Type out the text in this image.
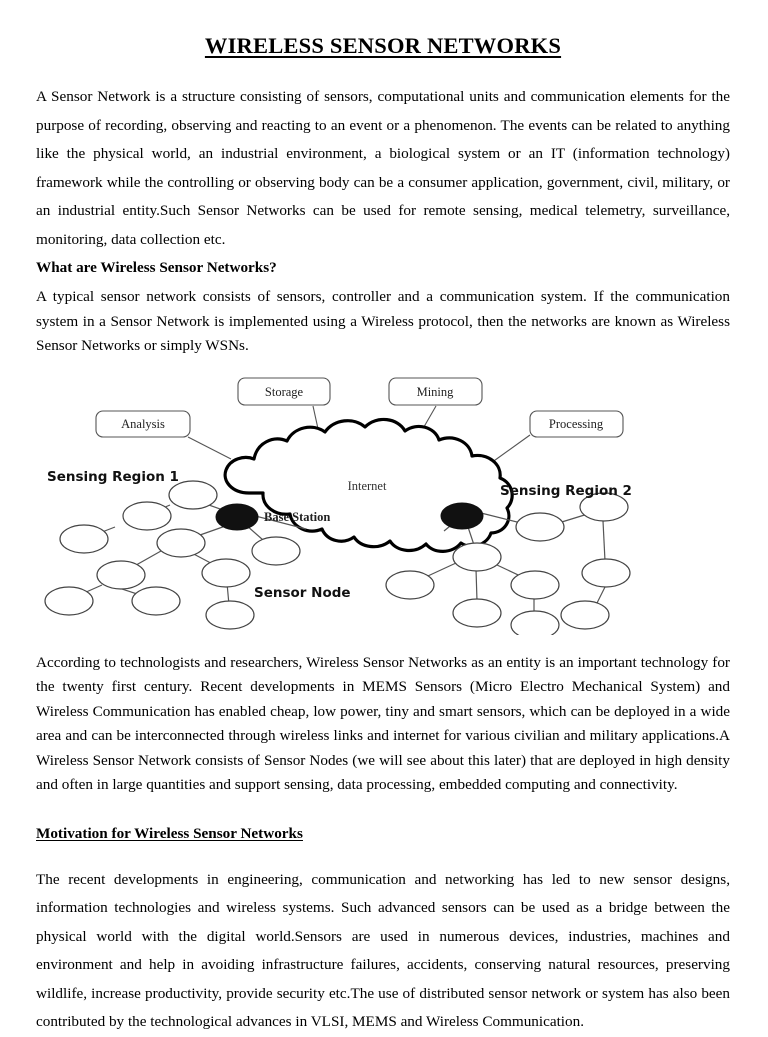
WIRELESS SENSOR NETWORKS

A Sensor Network is a structure consisting of sensors, computational units and communication elements for the purpose of recording, observing and reacting to an event or a phenomenon. The events can be related to anything like the physical world, an industrial environment, a biological system or an IT (information technology) framework while the controlling or observing body can be a consumer application, government, civil, military, or an industrial entity.Such Sensor Networks can be used for remote sensing, medical telemetry, surveillance, monitoring, data collection etc.

What are Wireless Sensor Networks?

A typical sensor network consists of sensors, controller and a communication system. If the communication system in a Sensor Network is implemented using a Wireless protocol, then the networks are known as Wireless Sensor Networks or simply WSNs.

Internet
Analysis
Storage	Mining
Processing
Sensing Region 1
Sensing Region 2
Base Station
Sensor Node

According to technologists and researchers, Wireless Sensor Networks as an entity is an important technology for the twenty first century. Recent developments in MEMS Sensors (Micro Electro Mechanical System) and Wireless Communication has enabled cheap, low power, tiny and smart sensors, which can be deployed in a wide area and can be interconnected through wireless links and internet for various civilian and military applications.A Wireless Sensor Network consists of Sensor Nodes (we will see about this later) that are deployed in high density and often in large quantities and support sensing, data processing, embedded computing and connectivity.

Motivation for Wireless Sensor Networks

The recent developments in engineering, communication and networking has led to new sensor designs, information technologies and wireless systems. Such advanced sensors can be used as a bridge between the physical world with the digital world.Sensors are used in numerous devices, industries, machines and environment and help in avoiding infrastructure failures, accidents, conserving natural resources, preserving wildlife, increase productivity, provide security etc.The use of distributed sensor network or system has also been contributed by the technological advances in VLSI, MEMS and Wireless Communication.
